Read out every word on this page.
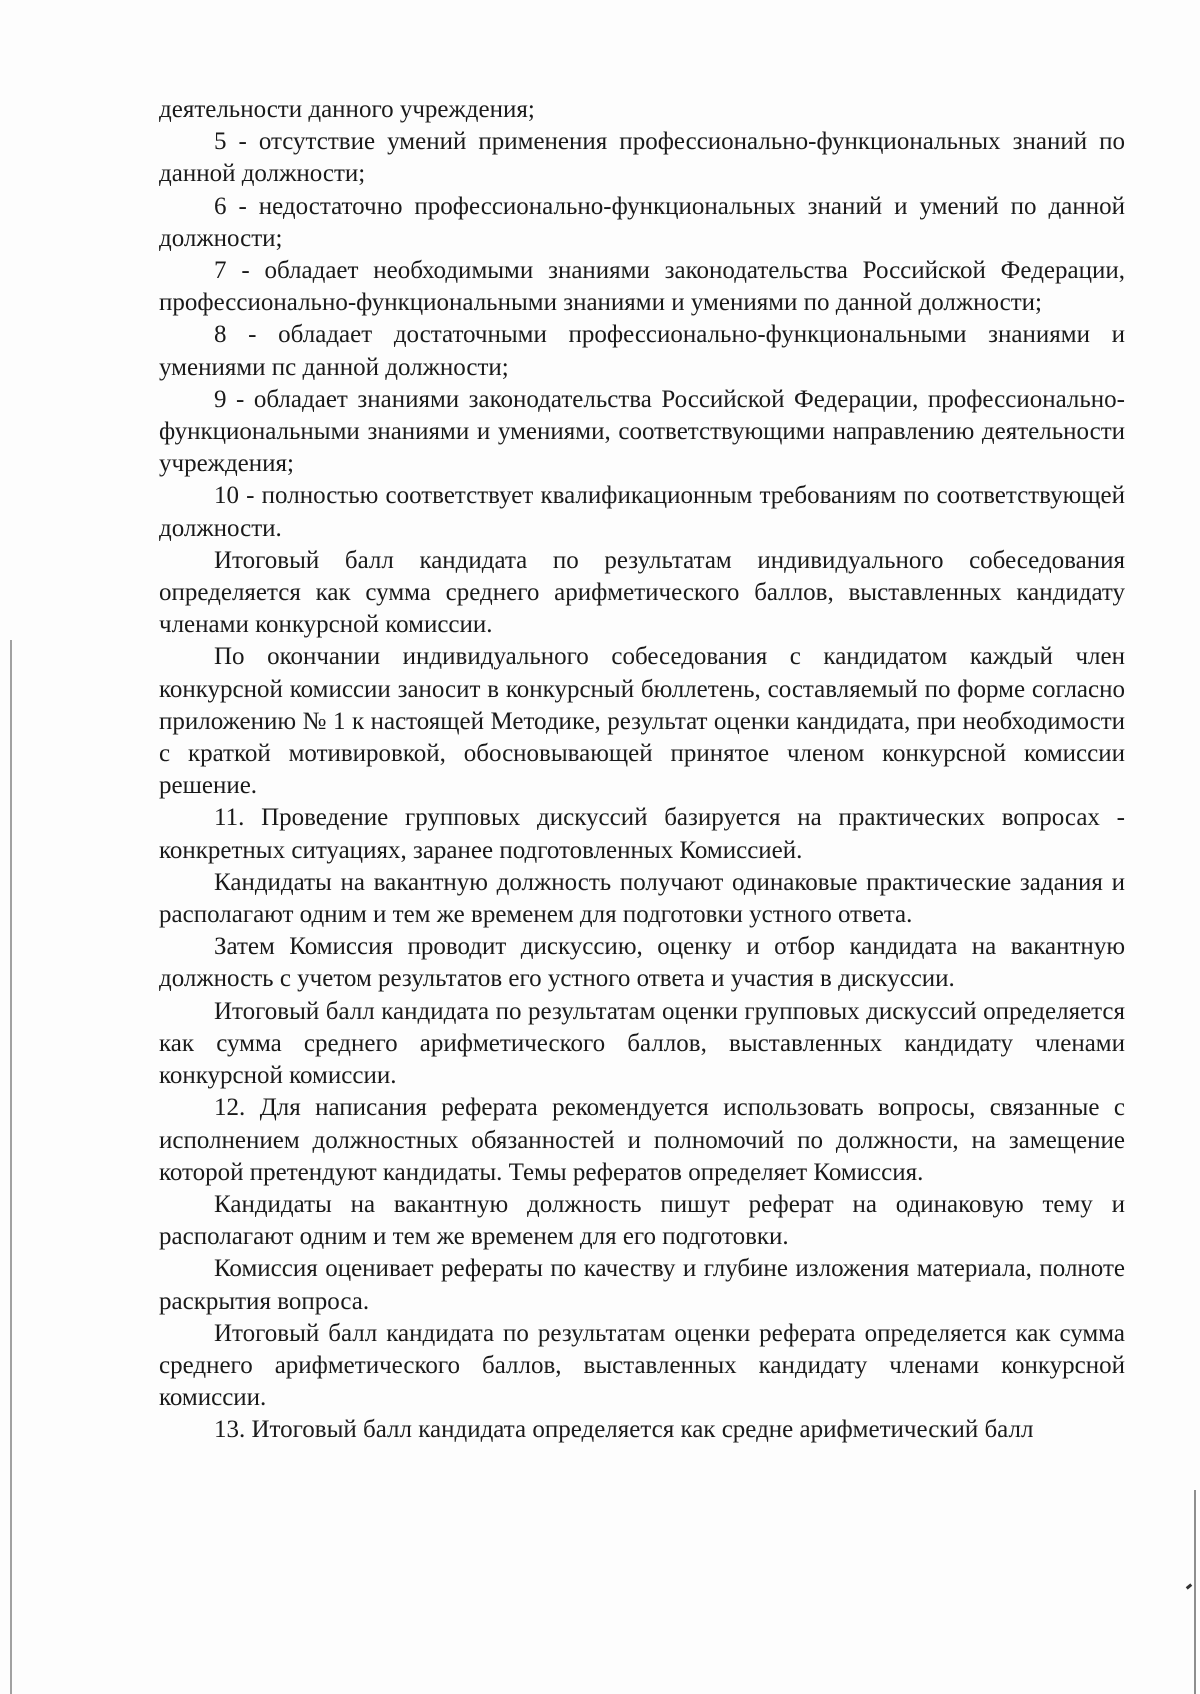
деятельности данного учреждения;

5 - отсутствие умений применения профессионально-функциональных знаний по данной должности;

6 - недостаточно профессионально-функциональных знаний и умений по данной должности;

7 - обладает необходимыми знаниями законодательства Российской Федерации, профессионально-функциональными знаниями и умениями по данной должности;

8 - обладает достаточными профессионально-функциональными знаниями и умениями пс данной должности;

9 - обладает знаниями законодательства Российской Федерации, профессионально-функциональными знаниями и умениями, соответствующими направлению деятельности учреждения;

10 - полностью соответствует квалификационным требованиям по соответствующей должности.

Итоговый балл кандидата по результатам индивидуального собеседования определяется как сумма среднего арифметического баллов, выставленных кандидату членами конкурсной комиссии.

По окончании индивидуального собеседования с кандидатом каждый член конкурсной комиссии заносит в конкурсный бюллетень, составляемый по форме согласно приложению № 1 к настоящей Методике, результат оценки кандидата, при необходимости с краткой мотивировкой, обосновывающей принятое членом конкурсной комиссии решение.

11. Проведение групповых дискуссий базируется на практических вопросах - конкретных ситуациях, заранее подготовленных Комиссией.

Кандидаты на вакантную должность получают одинаковые практические задания и располагают одним и тем же временем для подготовки устного ответа.

Затем Комиссия проводит дискуссию, оценку и отбор кандидата на вакантную должность с учетом результатов его устного ответа и участия в дискуссии.

Итоговый балл кандидата по результатам оценки групповых дискуссий определяется как сумма среднего арифметического баллов, выставленных кандидату членами конкурсной комиссии.

12. Для написания реферата рекомендуется использовать вопросы, связанные с исполнением должностных обязанностей и полномочий по должности, на замещение которой претендуют кандидаты. Темы рефератов определяет Комиссия.

Кандидаты на вакантную должность пишут реферат на одинаковую тему и располагают одним и тем же временем для его подготовки.

Комиссия оценивает рефераты по качеству и глубине изложения материала, полноте раскрытия вопроса.

Итоговый балл кандидата по результатам оценки реферата определяется как сумма среднего арифметического баллов, выставленных кандидату членами конкурсной комиссии.

13. Итоговый балл кандидата определяется как средне арифметический балл
